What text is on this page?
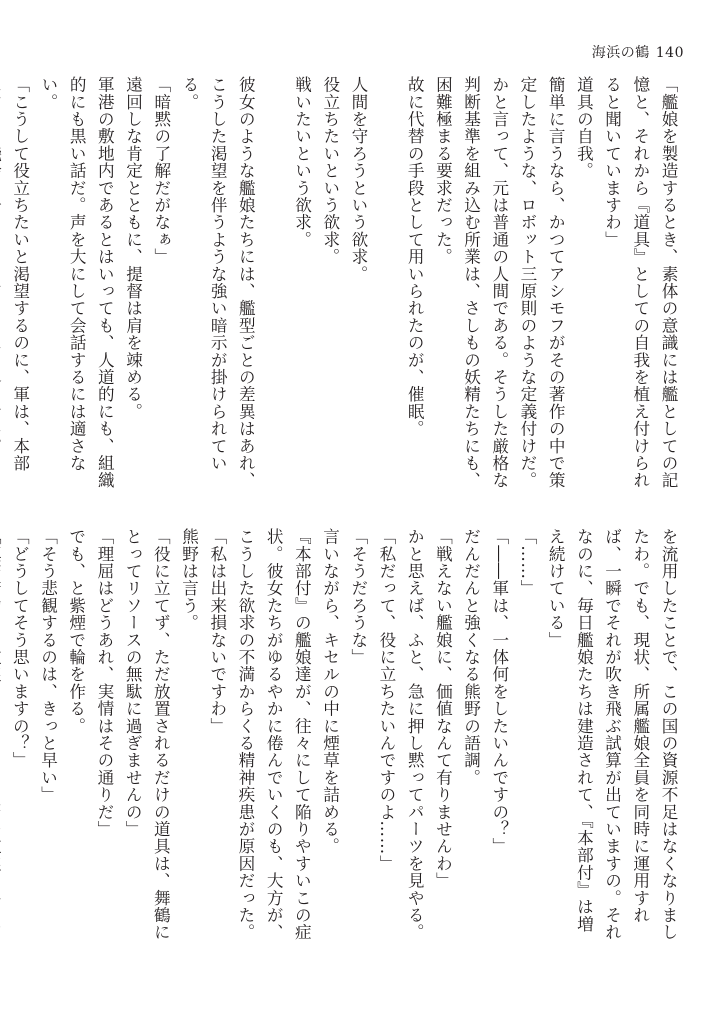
海浜の鶴 140

「艦娘を製造するとき、素体の意識には艦としての記憶と、それから『道具』としての自我を植え付けられると聞いていますわ」

道具の自我。

簡単に言うなら、かつてアシモフがその著作の中で策定したような、ロボット三原則のような定義付けだ。

かと言って、元は普通の人間である。そうした厳格な判断基準を組み込む所業は、さしもの妖精たちにも、困難極まる要求だった。

故に代替の手段として用いられたのが、催眠。

人間を守ろうという欲求。

役立ちたいという欲求。

戦いたいという欲求。

彼女のような艦娘たちには、艦型ごとの差異はあれ、こうした渇望を伴うような強い暗示が掛けられている。

「暗黙の了解だがなぁ」

遠回しな肯定とともに、提督は肩を竦める。

軍港の敷地内であるとはいっても、人道的にも、組織的にも黒い話だ。声を大にして会話するには適さない。

「こうして役立ちたいと渇望するのに、軍は、本部

を流用したことで、この国の資源不足はなくなりましたわ。でも、現状、所属艦娘全員を同時に運用すれば、一瞬でそれが吹き飛ぶ試算が出ていますの。それなのに、毎日艦娘たちは建造されて、『本部付』は増え続けている」

「……」

「――軍は、一体何をしたいんですの？」

だんだんと強くなる熊野の語調。

「戦えない艦娘に、価値なんて有りませんわ」

かと思えば、ふと、急に押し黙ってパーツを見やる。

「私だって、役に立ちたいんですのよ……」

「そうだろうな」

言いながら、キセルの中に煙草を詰める。

『本部付』の艦娘達が、往々にして陥りやすいこの症状。彼女たちがゆるやかに倦んでいくのも、大方が、こうした欲求の不満からくる精神疾患が原因だった。

「私は出来損ないですわ」

熊野は言う。

「役に立てず、ただ放置されるだけの道具は、舞鶴にとってリソースの無駄に過ぎませんの」

「理屈はどうあれ、実情はその通りだ」

でも、と紫煙で輪を作る。

「そう悲観するのは、きっと早い」

「どうしてそう思いますの？」
